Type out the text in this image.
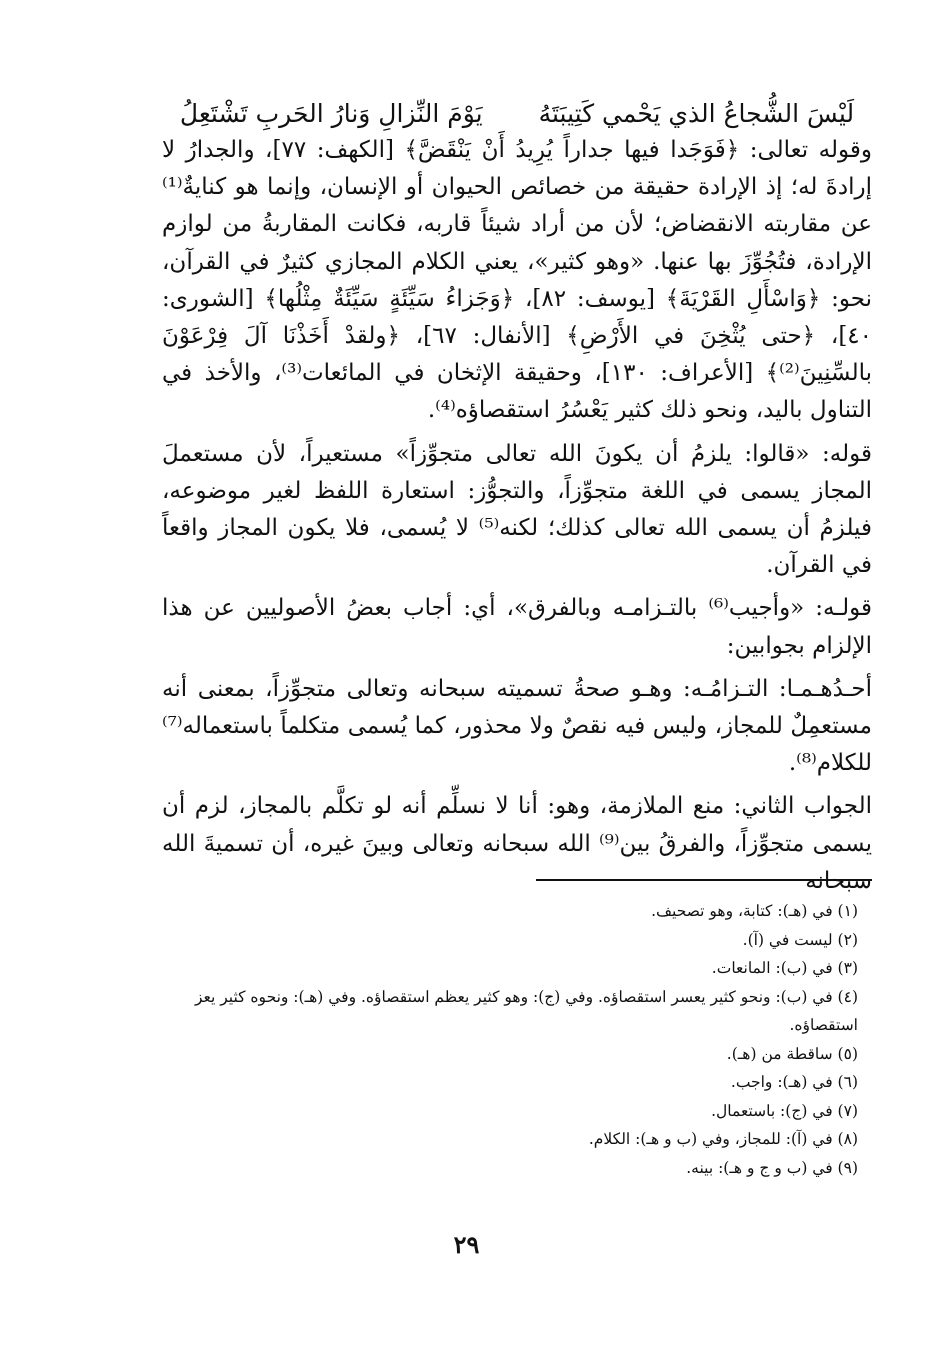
لَيْسَ الشُّجاعُ الذي يَحْمي كَتِيبَتَهُ
يَوْمَ النِّزالِ وَنارُ الحَربِ تَشْتَعِلُ

وقوله تعالى: ﴿فَوَجَدا فيها جداراً يُرِيدُ أَنْ يَنْقَضَّ﴾ [الكهف: ٧٧]، والجدارُ لا إرادةَ له؛ إذ الإرادة حقيقة من خصائص الحيوان أو الإنسان، وإنما هو كنايةٌ⁽¹⁾ عن مقاربته الانقضاض؛ لأن من أراد شيئاً قاربه، فكانت المقاربةُ من لوازم الإرادة، فتُجُوِّزَ بها عنها. «وهو كثير»، يعني الكلام المجازي كثيرٌ في القرآن، نحو: ﴿وَاسْأَلِ القَرْيَةَ﴾ [يوسف: ٨٢]، ﴿وَجَزاءُ سَيِّئَةٍ سَيِّئَةٌ مِثْلُها﴾ [الشورى: ٤٠]، ﴿حتى يُثْخِنَ في الأَرْضِ﴾ [الأنفال: ٦٧]، ﴿ولقدْ أَخَذْنَا آلَ فِرْعَوْنَ بالسِّنِينَ⁽²⁾﴾ [الأعراف: ١٣٠]، وحقيقة الإثخان في المائعات⁽³⁾، والأخذ في التناول باليد، ونحو ذلك كثير يَعْسُرُ استقصاؤه⁽⁴⁾.

قوله: «قالوا: يلزمُ أن يكونَ الله تعالى متجوِّزاً» مستعيراً، لأن مستعملَ المجاز يسمى في اللغة متجوِّزاً، والتجوُّز: استعارة اللفظ لغير موضوعه، فيلزمُ أن يسمى الله تعالى كذلك؛ لكنه⁽⁵⁾ لا يُسمى، فلا يكون المجاز واقعاً في القرآن.

قولـه: «وأجيب⁽⁶⁾ بالتـزامـه وبالفرق»، أي: أجاب بعضُ الأصوليين عن هذا الإلزام بجوابين:

أحـدُهـمـا: التـزامُـه: وهـو صحةُ تسميته سبحانه وتعالى متجوِّزاً، بمعنى أنه مستعمِلٌ للمجاز، وليس فيه نقصٌ ولا محذور، كما يُسمى متكلماً باستعماله⁽⁷⁾ للكلام⁽⁸⁾.

الجواب الثاني: منع الملازمة، وهو: أنا لا نسلِّم أنه لو تكلَّم بالمجاز، لزم أن يسمى متجوِّزاً، والفرقُ بين⁽⁹⁾ الله سبحانه وتعالى وبينَ غيره، أن تسميةَ الله سبحانه

(١) في (هـ): كتابة، وهو تصحيف.

(٢) ليست في (آ).

(٣) في (ب): المانعات.

(٤) في (ب): ونحو كثير يعسر استقصاؤه. وفي (ج): وهو كثير يعظم استقصاؤه. وفي (هـ): ونحوه كثير يعز استقصاؤه.

(٥) ساقطة من (هـ).

(٦) في (هـ): واجب.

(٧) في (ج): باستعمال.

(٨) في (آ): للمجاز، وفي (ب و هـ): الكلام.

(٩) في (ب و ج و هـ): بينه.

٢٩
